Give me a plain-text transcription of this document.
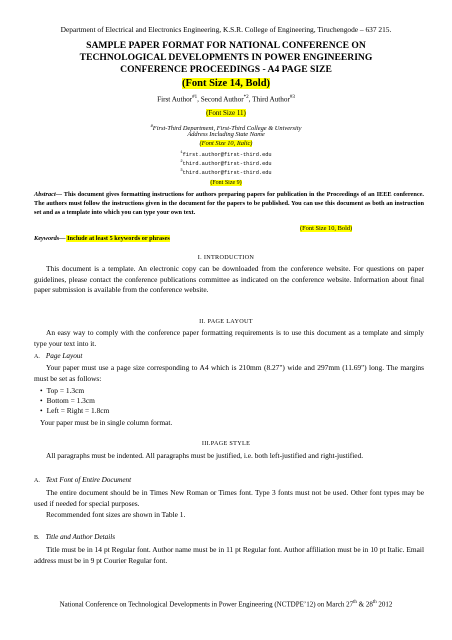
Department of Electrical and Electronics Engineering, K.S.R. College of Engineering, Tiruchengode – 637 215.
SAMPLE PAPER FORMAT FOR NATIONAL CONFERENCE ON
TECHNOLOGICAL DEVELOPMENTS IN POWER ENGINEERING
CONFERENCE PROCEEDINGS - A4 PAGE SIZE
(Font Size 14, Bold)
First Author$^{\#1}$, Second Author$^{*2}$, Third Author$^{\#3}$
(Font Size 11)
#First-Third Department, First-Third College & University
Address Including State Name
(Font Size 10, Italic)
$^1$first.author@first-third.edu
$^2$third.author@first-third.edu
$^3$third.author@first-third.edu
(Font Size 9)
Abstract— This document gives formatting instructions for authors preparing papers for publication in the Proceedings of an IEEE conference. The authors must follow the instructions given in the document for the papers to be published. You can use this document as both an instruction set and as a template into which you can type your own text.
(Font Size 10, Bold)
Keywords— Include at least 5 keywords or phrases
I. INTRODUCTION
This document is a template. An electronic copy can be downloaded from the conference website. For questions on paper guidelines, please contact the conference publications committee as indicated on the conference website. Information about final paper submission is available from the conference website.
II. PAGE LAYOUT
An easy way to comply with the conference paper formatting requirements is to use this document as a template and simply type your text into it.
A. Page Layout
Your paper must use a page size corresponding to A4 which is 210mm (8.27") wide and 297mm (11.69") long. The margins must be set as follows:
• Top = 1.3cm
• Bottom = 1.3cm
• Left = Right = 1.8cm
Your paper must be in single column format.
III.PAGE STYLE
All paragraphs must be indented. All paragraphs must be justified, i.e. both left-justified and right-justified.
A. Text Font of Entire Document
The entire document should be in Times New Roman or Times font. Type 3 fonts must not be used. Other font types may be used if needed for special purposes.
Recommended font sizes are shown in Table 1.
B. Title and Author Details
Title must be in 14 pt Regular font. Author name must be in 11 pt Regular font. Author affiliation must be in 10 pt Italic. Email address must be in 9 pt Courier Regular font.
National Conference on Technological Developments in Power Engineering (NCTDPE’12) on March 27th & 28th 2012
